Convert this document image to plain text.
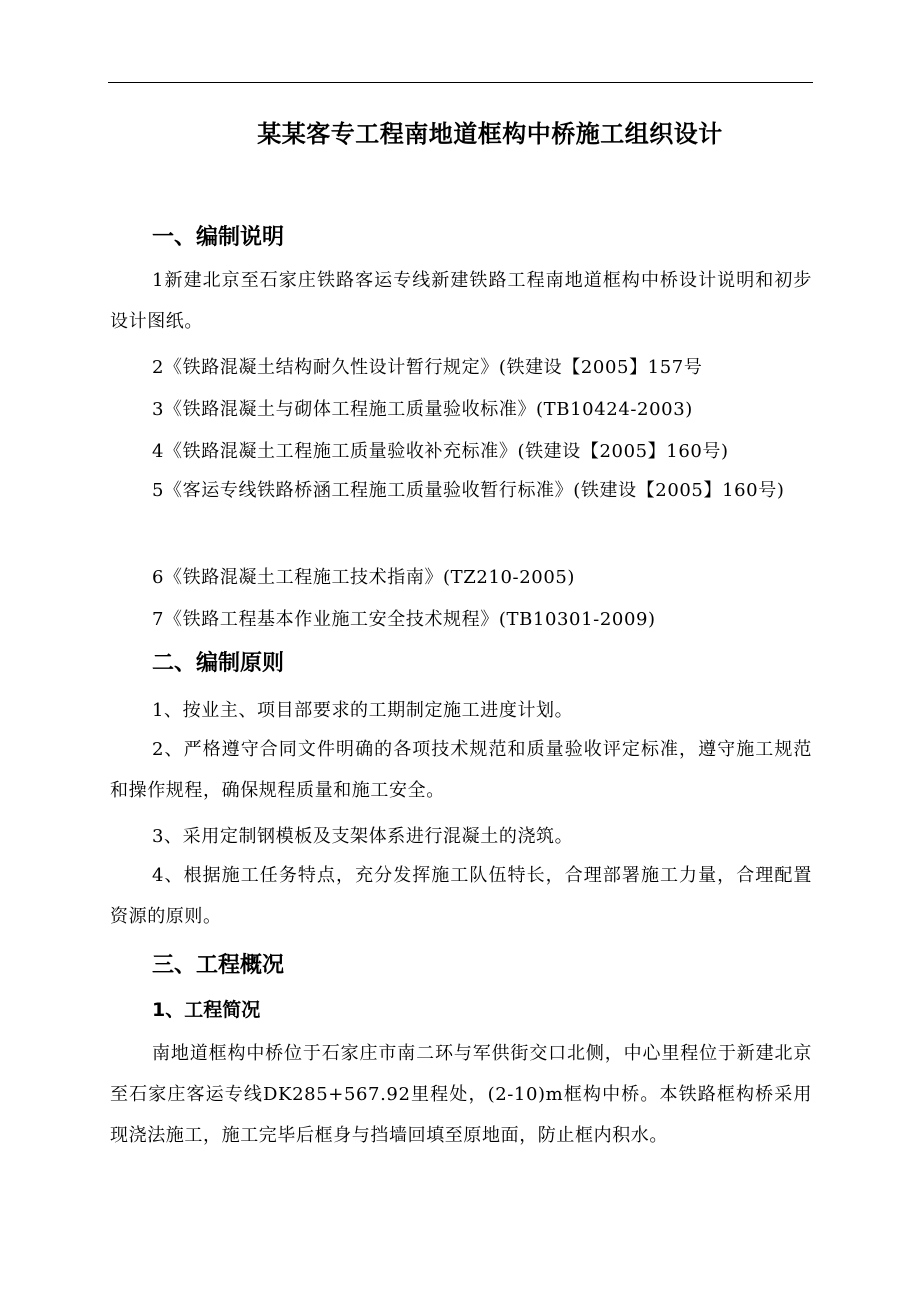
某某客专工程南地道框构中桥施工组织设计
一、编制说明
1新建北京至石家庄铁路客运专线新建铁路工程南地道框构中桥设计说明和初步设计图纸。
2《铁路混凝土结构耐久性设计暂行规定》(铁建设【2005】157号
3《铁路混凝土与砌体工程施工质量验收标准》(TB10424-2003)
4《铁路混凝土工程施工质量验收补充标准》(铁建设【2005】160号)
5《客运专线铁路桥涵工程施工质量验收暂行标准》(铁建设【2005】160号)
6《铁路混凝土工程施工技术指南》(TZ210-2005)
7《铁路工程基本作业施工安全技术规程》(TB10301-2009)
二、编制原则
1、按业主、项目部要求的工期制定施工进度计划。
2、严格遵守合同文件明确的各项技术规范和质量验收评定标准，遵守施工规范和操作规程，确保规程质量和施工安全。
3、采用定制钢模板及支架体系进行混凝土的浇筑。
4、根据施工任务特点，充分发挥施工队伍特长，合理部署施工力量，合理配置资源的原则。
三、工程概况
1、工程简况
南地道框构中桥位于石家庄市南二环与军供街交口北侧，中心里程位于新建北京至石家庄客运专线DK285+567.92里程处，(2-10)m框构中桥。本铁路框构桥采用现浇法施工，施工完毕后框身与挡墙回填至原地面，防止框内积水。
